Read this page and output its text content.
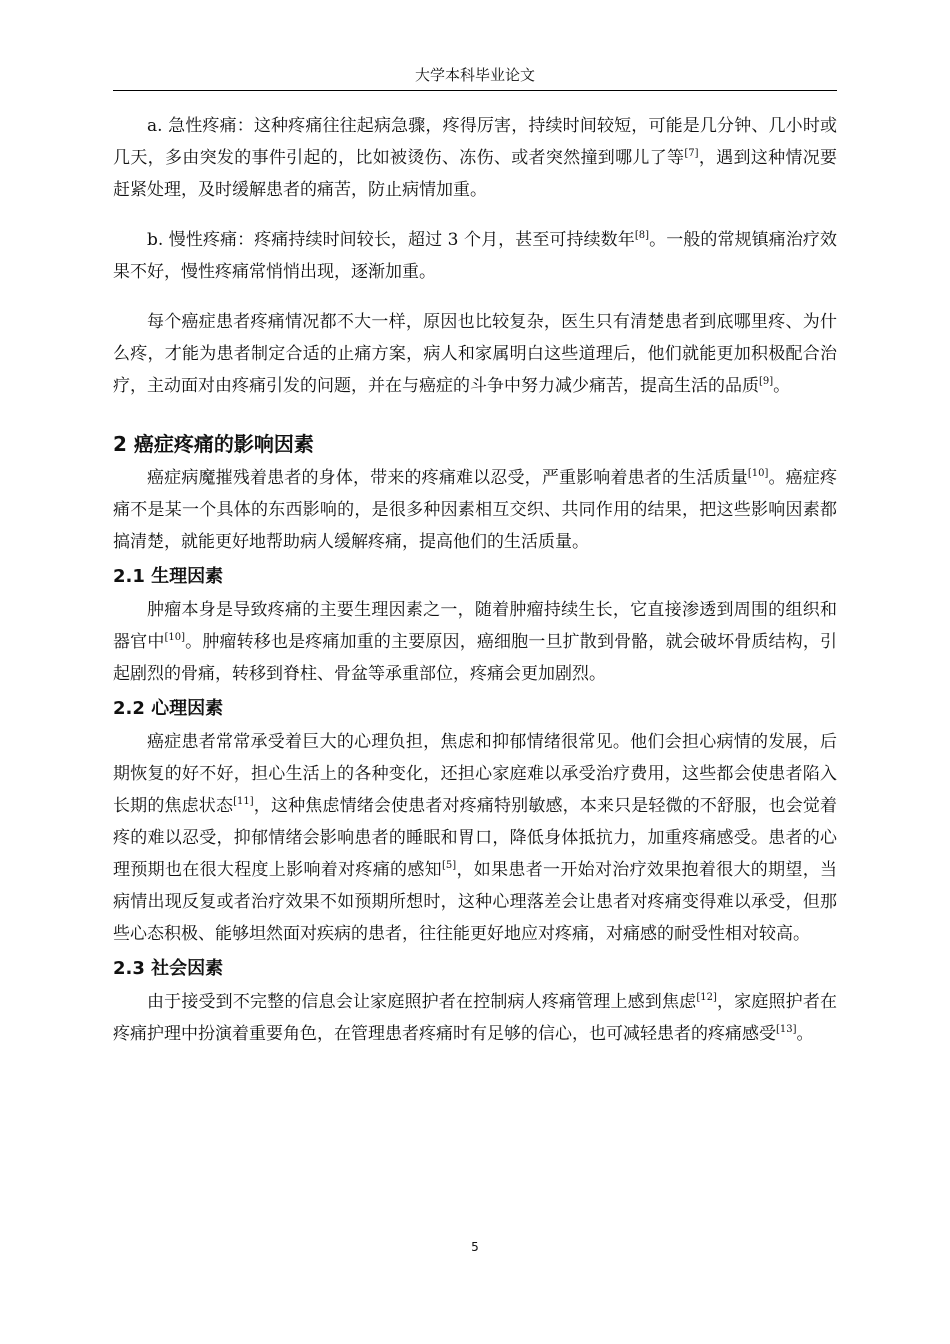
大学本科毕业论文

a. 急性疼痛：这种疼痛往往起病急骤，疼得厉害，持续时间较短，可能是几分钟、几小时或几天，多由突发的事件引起的，比如被烫伤、冻伤、或者突然撞到哪儿了等[7]，遇到这种情况要赶紧处理，及时缓解患者的痛苦，防止病情加重。

b. 慢性疼痛：疼痛持续时间较长，超过 3 个月，甚至可持续数年[8]。一般的常规镇痛治疗效果不好，慢性疼痛常悄悄出现，逐渐加重。

每个癌症患者疼痛情况都不大一样，原因也比较复杂，医生只有清楚患者到底哪里疼、为什么疼，才能为患者制定合适的止痛方案，病人和家属明白这些道理后，他们就能更加积极配合治疗，主动面对由疼痛引发的问题，并在与癌症的斗争中努力减少痛苦，提高生活的品质[9]。

2 癌症疼痛的影响因素

癌症病魔摧残着患者的身体，带来的疼痛难以忍受，严重影响着患者的生活质量[10]。癌症疼痛不是某一个具体的东西影响的，是很多种因素相互交织、共同作用的结果，把这些影响因素都搞清楚，就能更好地帮助病人缓解疼痛，提高他们的生活质量。

2.1 生理因素

肿瘤本身是导致疼痛的主要生理因素之一，随着肿瘤持续生长，它直接渗透到周围的组织和器官中[10]。肿瘤转移也是疼痛加重的主要原因，癌细胞一旦扩散到骨骼，就会破坏骨质结构，引起剧烈的骨痛，转移到脊柱、骨盆等承重部位，疼痛会更加剧烈。

2.2 心理因素

癌症患者常常承受着巨大的心理负担，焦虑和抑郁情绪很常见。他们会担心病情的发展，后期恢复的好不好，担心生活上的各种变化，还担心家庭难以承受治疗费用，这些都会使患者陷入长期的焦虑状态[11]，这种焦虑情绪会使患者对疼痛特别敏感，本来只是轻微的不舒服，也会觉着疼的难以忍受，抑郁情绪会影响患者的睡眠和胃口，降低身体抵抗力，加重疼痛感受。患者的心理预期也在很大程度上影响着对疼痛的感知[5]，如果患者一开始对治疗效果抱着很大的期望，当病情出现反复或者治疗效果不如预期所想时，这种心理落差会让患者对疼痛变得难以承受，但那些心态积极、能够坦然面对疾病的患者，往往能更好地应对疼痛，对痛感的耐受性相对较高。

2.3 社会因素

由于接受到不完整的信息会让家庭照护者在控制病人疼痛管理上感到焦虑[12]，家庭照护者在疼痛护理中扮演着重要角色，在管理患者疼痛时有足够的信心，也可减轻患者的疼痛感受[13]。

5
